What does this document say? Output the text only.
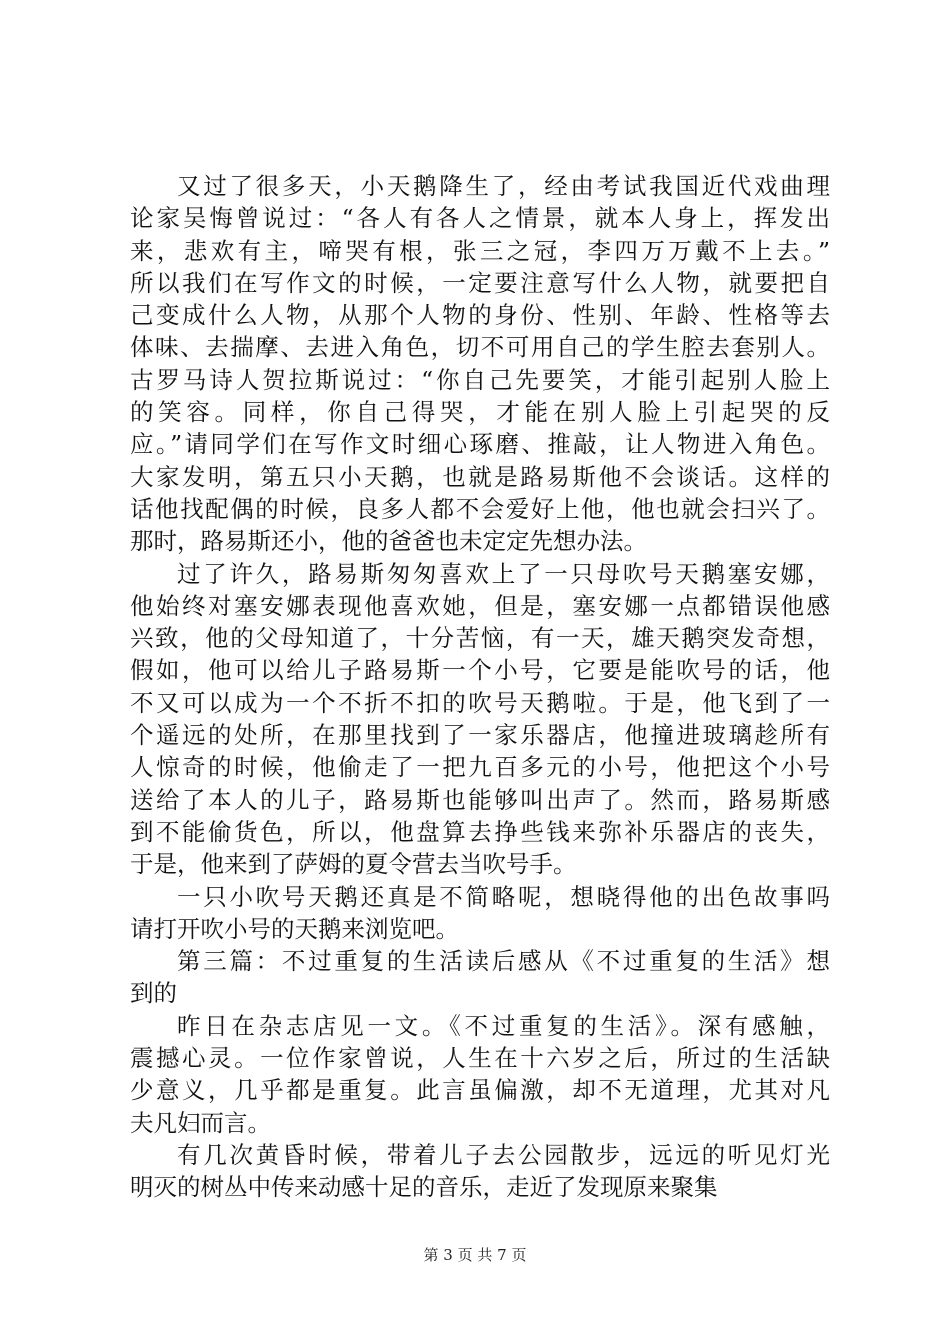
又过了很多天，小天鹅降生了，经由考试我国近代戏曲理
论家吴悔曾说过：“各人有各人之情景，就本人身上，挥发出
来，悲欢有主，啼哭有根，张三之冠，李四万万戴不上去。”
所以我们在写作文的时候，一定要注意写什么人物，就要把自
己变成什么人物，从那个人物的身份、性别、年龄、性格等去
体味、去揣摩、去进入角色，切不可用自己的学生腔去套别人。
古罗马诗人贺拉斯说过：“你自己先要笑，才能引起别人脸上
的笑容。同样，你自己得哭，才能在别人脸上引起哭的反
应。”请同学们在写作文时细心琢磨、推敲，让人物进入角色。
大家发明，第五只小天鹅，也就是路易斯他不会谈话。这样的
话他找配偶的时候，良多人都不会爱好上他，他也就会扫兴了。
那时，路易斯还小，他的爸爸也未定定先想办法。
过了许久，路易斯匆匆喜欢上了一只母吹号天鹅塞安娜，
他始终对塞安娜表现他喜欢她，但是，塞安娜一点都错误他感
兴致，他的父母知道了，十分苦恼，有一天，雄天鹅突发奇想，
假如，他可以给儿子路易斯一个小号，它要是能吹号的话，他
不又可以成为一个不折不扣的吹号天鹅啦。于是，他飞到了一
个遥远的处所，在那里找到了一家乐器店，他撞进玻璃趁所有
人惊奇的时候，他偷走了一把九百多元的小号，他把这个小号
送给了本人的儿子，路易斯也能够叫出声了。然而，路易斯感
到不能偷货色，所以，他盘算去挣些钱来弥补乐器店的丧失，
于是，他来到了萨姆的夏令营去当吹号手。
一只小吹号天鹅还真是不简略呢，想晓得他的出色故事吗
请打开吹小号的天鹅来浏览吧。
第三篇：不过重复的生活读后感从《不过重复的生活》想
到的
昨日在杂志店见一文。《不过重复的生活》。深有感触，
震撼心灵。一位作家曾说，人生在十六岁之后，所过的生活缺
少意义，几乎都是重复。此言虽偏激，却不无道理，尤其对凡
夫凡妇而言。
有几次黄昏时候，带着儿子去公园散步，远远的听见灯光
明灭的树丛中传来动感十足的音乐，走近了发现原来聚集
第 3 页 共 7 页
